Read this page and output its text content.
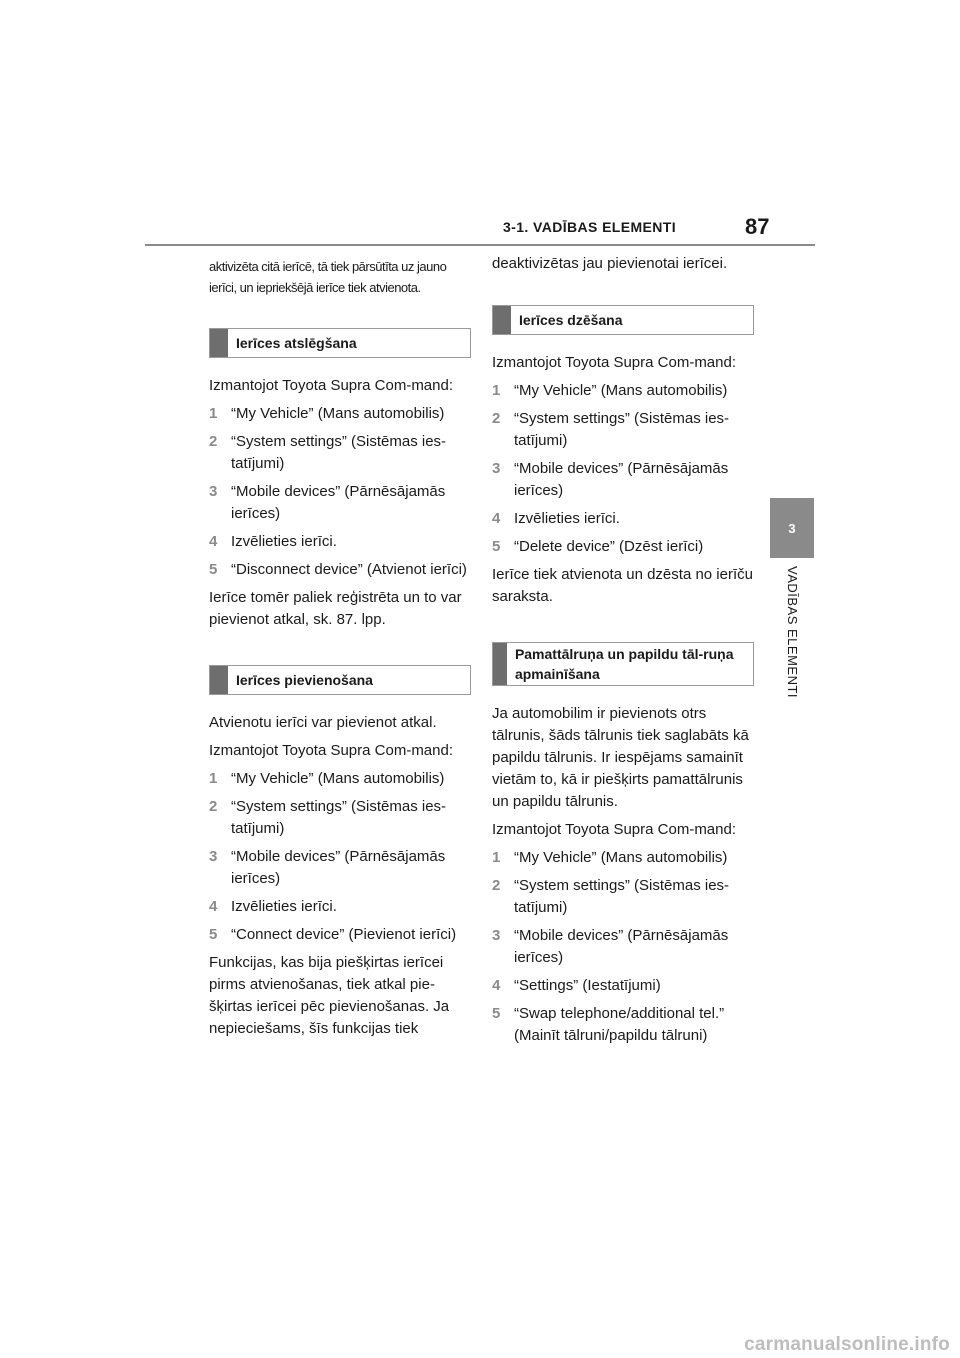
3-1. VADĪBAS ELEMENTI	87
3
VADĪBAS ELEMENTI

aktivizēta citā ierīcē, tā tiek pārsūtīta uz jauno ierīci, un iepriekšējā ierīce tiek atvienota.

Ierīces atslēgšana

Izmantojot Toyota Supra Com-mand:

1 “My Vehicle” (Mans automobilis)
2 “System settings” (Sistēmas ies-tatījumi)
3 “Mobile devices” (Pārnēsājamās ierīces)
4 Izvēlieties ierīci.
5 “Disconnect device” (Atvienot ierīci)

Ierīce tomēr paliek reģistrēta un to var pievienot atkal, sk. 87. lpp.

Ierīces pievienošana

Atvienotu ierīci var pievienot atkal.

Izmantojot Toyota Supra Com-mand:

1 “My Vehicle” (Mans automobilis)
2 “System settings” (Sistēmas ies-tatījumi)
3 “Mobile devices” (Pārnēsājamās ierīces)
4 Izvēlieties ierīci.
5 “Connect device” (Pievienot ierīci)

Funkcijas, kas bija piešķirtas ierīcei pirms atvienošanas, tiek atkal pie-šķirtas ierīcei pēc pievienošanas. Ja nepieciešams, šīs funkcijas tiek

deaktivizētas jau pievienotai ierīcei.

Ierīces dzēšana

Izmantojot Toyota Supra Com-mand:

1 “My Vehicle” (Mans automobilis)
2 “System settings” (Sistēmas ies-tatījumi)
3 “Mobile devices” (Pārnēsājamās ierīces)
4 Izvēlieties ierīci.
5 “Delete device” (Dzēst ierīci)

Ierīce tiek atvienota un dzēsta no ierīču saraksta.

Pamattālruņa un papildu tāl-ruņa apmainīšana

Ja automobilim ir pievienots otrs tālrunis, šāds tālrunis tiek saglabāts kā papildu tālrunis. Ir iespējams samainīt vietām to, kā ir piešķirts pamattālrunis un papildu tālrunis.

Izmantojot Toyota Supra Com-mand:

1 “My Vehicle” (Mans automobilis)
2 “System settings” (Sistēmas ies-tatījumi)
3 “Mobile devices” (Pārnēsājamās ierīces)
4 “Settings” (Iestatījumi)
5 “Swap telephone/additional tel.” (Mainīt tālruni/papildu tālruni)
carmanualsonline.info
